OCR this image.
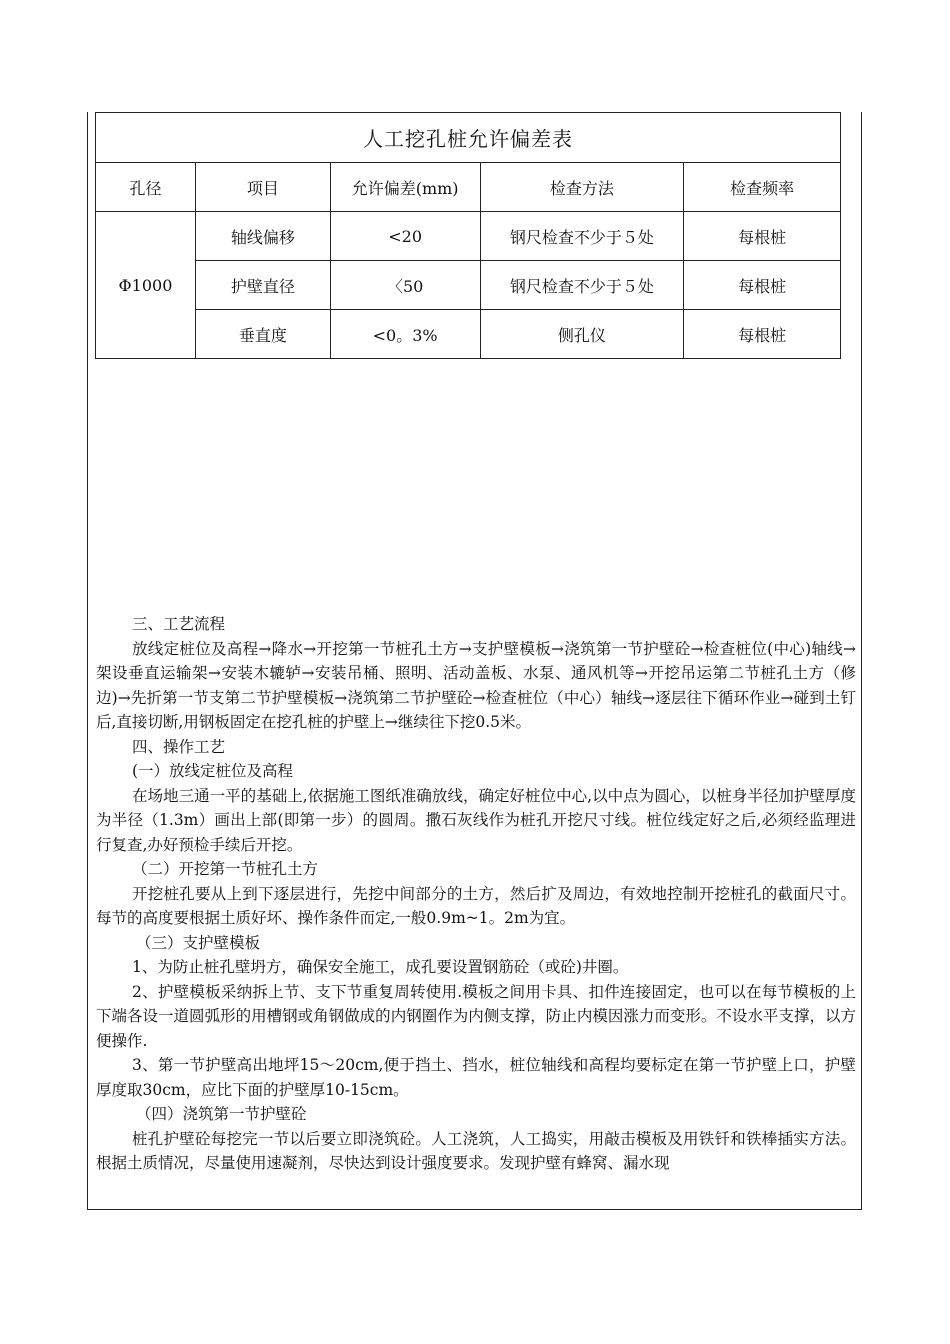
人工挖孔桩允许偏差表				
孔径	项目	允许偏差(mm)	检查方法	检查频率
Φ1000	轴线偏移	<20	钢尺检查不少于５处	每根桩
	护壁直径	〈50	钢尺检查不少于５处	每根桩
	垂直度	<0。3%	侧孔仪	每根桩

三、工艺流程

放线定桩位及高程→降水→开挖第一节桩孔土方→支护壁模板→浇筑第一节护壁砼→检查桩位(中心)轴线→架设垂直运输架→安装木辘轳→安装吊桶、照明、活动盖板、水泵、通风机等→开挖吊运第二节桩孔土方（修边)→先折第一节支第二节护壁模板→浇筑第二节护壁砼→检查桩位（中心）轴线→逐层往下循环作业→碰到土钉后,直接切断,用钢板固定在挖孔桩的护壁上→继续往下挖0.5米。

四、操作工艺

(一）放线定桩位及高程

在场地三通一平的基础上,依据施工图纸准确放线，确定好桩位中心,以中点为圆心，以桩身半径加护壁厚度为半径（1.3m）画出上部(即第一步）的圆周。撒石灰线作为桩孔开挖尺寸线。桩位线定好之后,必须经监理进行复查,办好预检手续后开挖。

（二）开挖第一节桩孔土方

开挖桩孔要从上到下逐层进行，先挖中间部分的土方，然后扩及周边，有效地控制开挖桩孔的截面尺寸。每节的高度要根据土质好坏、操作条件而定,一般0.9m~1。2m为宜。

（三）支护壁模板

1、为防止桩孔壁坍方，确保安全施工，成孔要设置钢筋砼（或砼)井圈。

2、护壁模板采纳拆上节、支下节重复周转使用.模板之间用卡具、扣件连接固定，也可以在每节模板的上下端各设一道圆弧形的用槽钢或角钢做成的内钢圈作为内侧支撑，防止内模因涨力而变形。不设水平支撑，以方便操作.

3、第一节护壁高出地坪15～20cm,便于挡土、挡水，桩位轴线和高程均要标定在第一节护壁上口，护壁厚度取30cm，应比下面的护壁厚10-15cm。

（四）浇筑第一节护壁砼

桩孔护壁砼每挖完一节以后要立即浇筑砼。人工浇筑，人工捣实，用敲击模板及用铁钎和铁棒插实方法。根据土质情况，尽量使用速凝剂，尽快达到设计强度要求。发现护壁有蜂窝、漏水现
